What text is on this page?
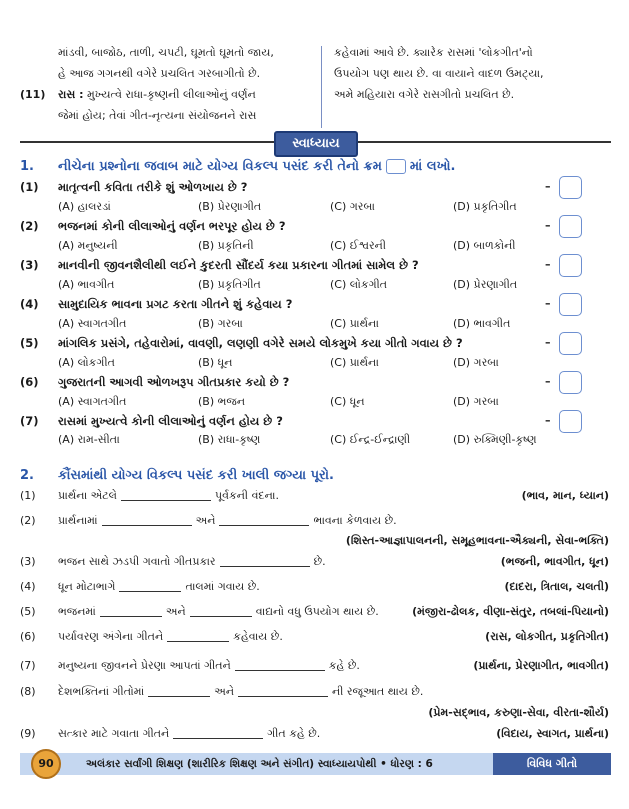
માંડવી, બાજોઠ, તાળી, ચપટી, ઘૂમતો ઘૂમતો જાય,
હે આજ ગગનથી વગેરે પ્રચલિત ગરબાગીતો છે.
(11) રાસ : મુખ્યત્વે રાધા-કૃષ્ણની લીલાઓનું વર્ણન
જેમાં હોય; તેવાં ગીત-નૃત્યના સંયોજનને રાસ
કહેવામાં આવે છે. ક્યારેક રાસમાં 'લોકગીત'નો
ઉપયોગ પણ થાય છે. વા વાયાને વાદળ ઉમટ્યા,
અમે મહિયારા વગેરે રાસગીતો પ્રચલિત છે.
સ્વાધ્યાય
1. નીચેના પ્રશ્નોના જવાબ માટે યોગ્ય વિકલ્પ પસંદ કરી તેનો ક્રમ માં લખો.
(1) માતૃત્વની કવિતા તરીકે શું ઓળખાય છે ?
(A) હાલરડાં	(B) પ્રેરણાગીત	(C) ગરબા	(D) પ્રકૃતિગીત
–
(2) ભજનમાં કોની લીલાઓનું વર્ણન ભરપૂર હોય છે ?
(A) મનુષ્યની	(B) પ્રકૃતિની	(C) ઈશ્વરની	(D) બાળકોની
–
(3) માનવીની જીવનશૈલીથી લઈને કુદરતી સૌંદર્ય કયા પ્રકારના ગીતમાં સામેલ છે ?
(A) ભાવગીત	(B) પ્રકૃતિગીત	(C) લોકગીત	(D) પ્રેરણાગીત
–
(4) સામુદાયિક ભાવના પ્રગટ કરતા ગીતને શું કહેવાય ?
(A) સ્વાગતગીત	(B) ગરબા	(C) પ્રાર્થના	(D) ભાવગીત
–
(5) માંગલિક પ્રસંગે, તહેવારોમાં, વાવણી, લણણી વગેરે સમયે લોકમુખે કયા ગીતો ગવાય છે ?
(A) લોકગીત	(B) ધૂન	(C) પ્રાર્થના	(D) ગરબા
–
(6) ગુજરાતની આગવી ઓળખરૂપ ગીતપ્રકાર કયો છે ?
(A) સ્વાગતગીત	(B) ભજન	(C) ધૂન	(D) ગરબા
–
(7) રાસમાં મુખ્યત્વે કોની લીલાઓનું વર્ણન હોય છે ?
(A) રામ-સીતા	(B) રાધા-કૃષ્ણ	(C) ઈન્દ્ર-ઈન્દ્રાણી	(D) રુક્મિણી-કૃષ્ણ
–
2. કૌંસમાંથી યોગ્ય વિકલ્પ પસંદ કરી ખાલી જગ્યા પૂરો.
(1) પ્રાર્થના એટલે	પૂર્વકની વંદના.	(ભાવ, માન, ધ્યાન)
(2) પ્રાર્થનામાં	અને	ભાવના કેળવાય છે.
(શિસ્ત-આજ્ઞાપાલનની, સમૂહભાવના-ઐક્યની, સેવા-ભક્તિ)
(3) ભજન સાથે ઝડપી ગવાતો ગીતપ્રકાર	છે.	(ભજની, ભાવગીત, ધૂન)
(4) ધૂન મોટાભાગે	તાલમાં ગવાય છે.	(દાદરા, ત્રિતાલ, ચલતી)
(5) ભજનમાં	અને	વાદ્યનો વધુ ઉપયોગ થાય છે.	(મંજીરા-ઢોલક, વીણા-સંતુર, તબલાં-પિયાનો)
(6) પર્યાવરણ અંગેના ગીતને	કહેવાય છે.	(રાસ, લોકગીત, પ્રકૃતિગીત)
(7) મનુષ્યના જીવનને પ્રેરણા આપતાં ગીતને	કહે છે.	(પ્રાર્થના, પ્રેરણાગીત, ભાવગીત)
(8) દેશભક્તિનાં ગીતોમાં	અને	ની રજૂઆત થાય છે.
(પ્રેમ-સદ્ભાવ, કરુણા-સેવા, વીરતા-શૌર્ય)
(9) સત્કાર માટે ગવાતા ગીતને	ગીત કહે છે.	(વિદાય, સ્વાગત, પ્રાર્થના)
અલંકાર સર્વાંગી શિક્ષણ (શારીરિક શિક્ષણ અને સંગીત) સ્વાધ્યાયપોથી • ધોરણ : 6	વિવિધ ગીતો
90
